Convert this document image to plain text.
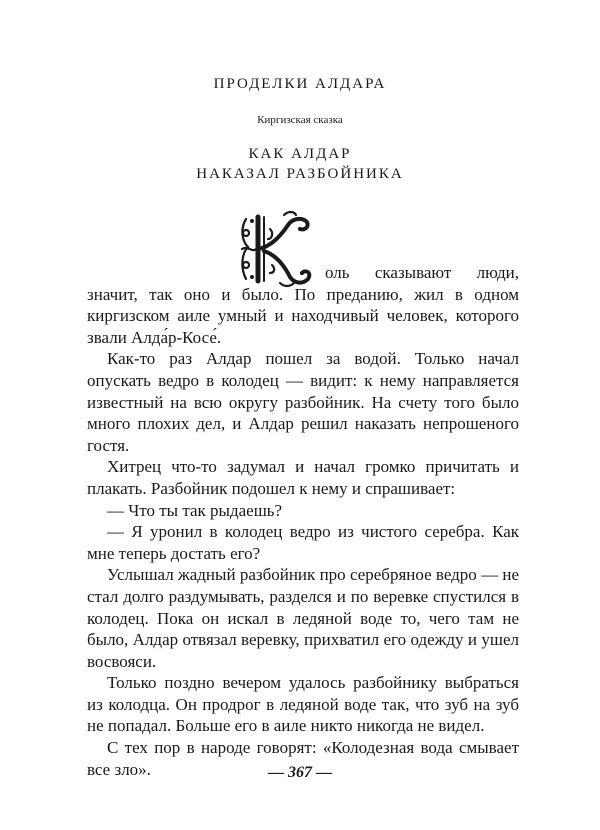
ПРОДЕЛКИ АЛДАРА
Киргизская сказка
КАК АЛДАР
НАКАЗАЛ РАЗБОЙНИКА
К

оль сказывают люди, значит, так оно и было. По преданию, жил в одном киргизском аиле умный и находчивый человек, которого звали Алда́р-Косе́.

Как-то раз Алдар пошел за водой. Только начал опускать ведро в колодец — видит: к нему направляется известный на всю округу разбойник. На счету того было много плохих дел, и Алдар решил наказать непрошеного гостя.

Хитрец что-то задумал и начал громко причитать и плакать. Разбойник подошел к нему и спрашивает:

— Что ты так рыдаешь?

— Я уронил в колодец ведро из чистого серебра. Как мне теперь достать его?

Услышал жадный разбойник про серебряное ведро — не стал долго раздумывать, разделся и по веревке спустился в колодец. Пока он искал в ледяной воде то, чего там не было, Алдар отвязал веревку, прихватил его одежду и ушел восвояси.

Только поздно вечером удалось разбойнику выбраться из колодца. Он продрог в ледяной воде так, что зуб на зуб не попадал. Больше его в аиле никто никогда не видел.

С тех пор в народе говорят: «Колодезная вода смывает все зло».	— 367 —
